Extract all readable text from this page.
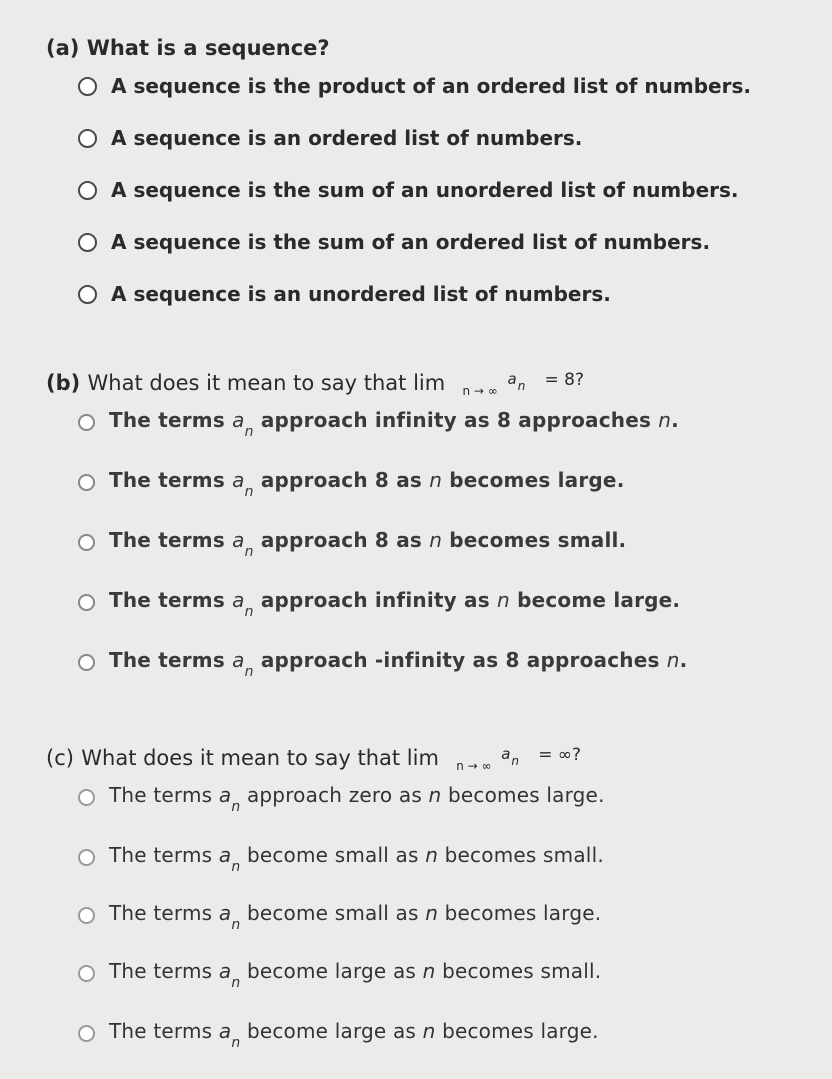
(a) What is a sequence?
A sequence is the product of an ordered list of numbers.
A sequence is an ordered list of numbers.
A sequence is the sum of an unordered list of numbers.
A sequence is the sum of an ordered list of numbers.
A sequence is an unordered list of numbers.
(b) What does it mean to say that lim n → ∞
$a_n = 8$?
The terms $a_n$ approach infinity as 8 approaches n.
The terms $a_n$ approach 8 as n becomes large.
The terms $a_n$ approach 8 as n becomes small.
The terms $a_n$ approach infinity as n become large.
The terms $a_n$ approach -infinity as 8 approaches n.
(c) What does it mean to say that lim n → ∞
$a_n$ = ∞?
The terms $a_n$ approach zero as n becomes large.
The terms $a_n$ become small as n becomes small.
The terms $a_n$ become small as n becomes large.
The terms $a_n$ become large as n becomes small.
The terms $a_n$ become large as n becomes large.
